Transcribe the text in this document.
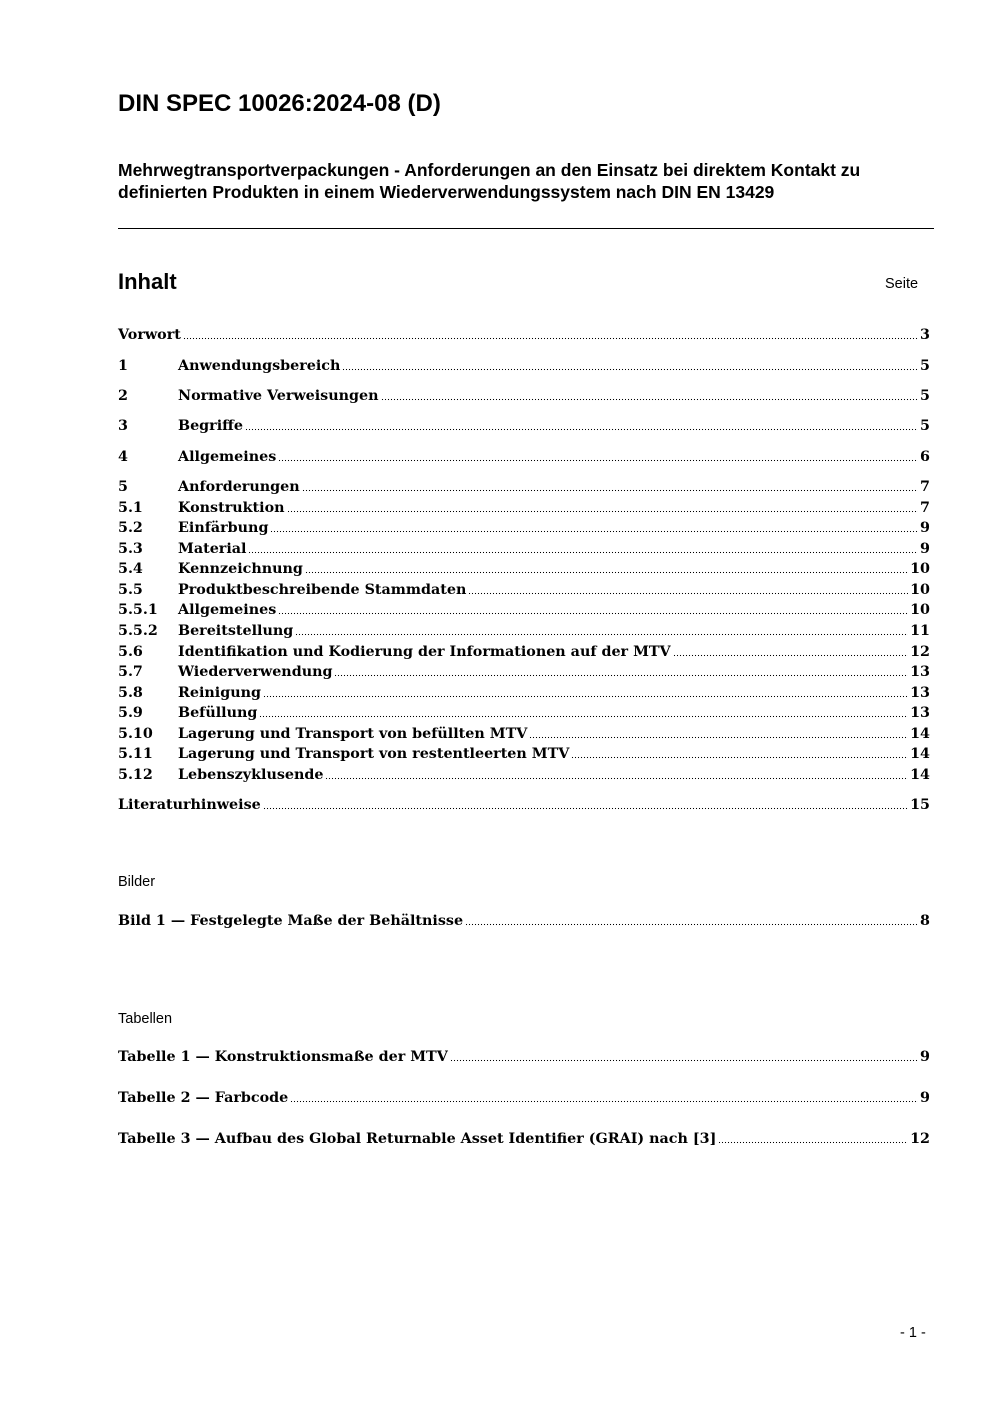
DIN SPEC 10026:2024-08 (D)

Mehrwegtransportverpackungen - Anforderungen an den Einsatz bei direktem Kontakt zu definierten Produkten in einem Wiederverwendungssystem nach DIN EN 13429

Inhalt	Seite
Vorwort	3
1	Anwendungsbereich	5
2	Normative Verweisungen	5
3	Begriffe	5
4	Allgemeines	6
5	Anforderungen	7
5.1	Konstruktion	7
5.2	Einfärbung	9
5.3	Material	9
5.4	Kennzeichnung	10
5.5	Produktbeschreibende Stammdaten	10
5.5.1	Allgemeines	10
5.5.2	Bereitstellung	11
5.6	Identifikation und Kodierung der Informationen auf der MTV	12
5.7	Wiederverwendung	13
5.8	Reinigung	13
5.9	Befüllung	13
5.10	Lagerung und Transport von befüllten MTV	14
5.11	Lagerung und Transport von restentleerten MTV	14
5.12	Lebenszyklusende	14
Literaturhinweise	15
Bilder
Bild 1 — Festgelegte Maße der Behältnisse	8
Tabellen
Tabelle 1 — Konstruktionsmaße der MTV	9
Tabelle 2 — Farbcode	9
Tabelle 3 — Aufbau des Global Returnable Asset Identifier (GRAI) nach [3]	12
- 1 -
